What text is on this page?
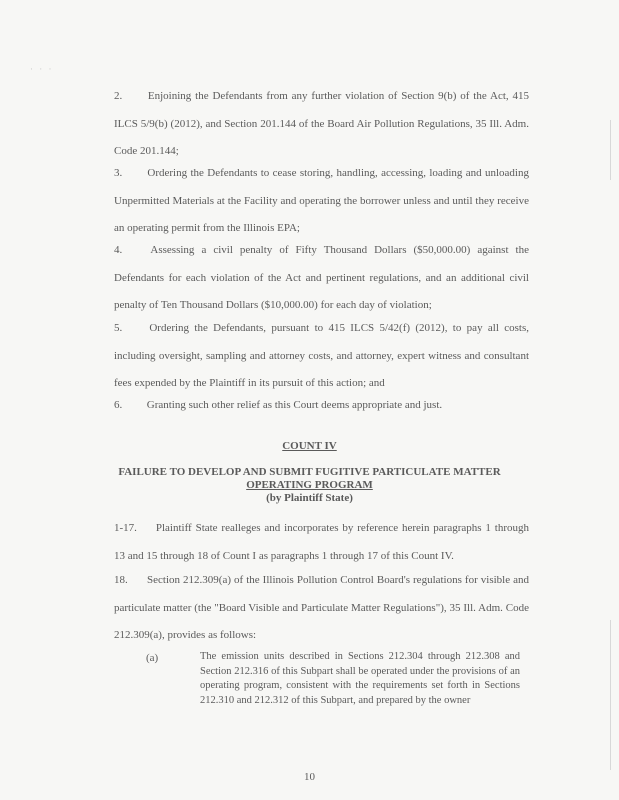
· · ·
2. Enjoining the Defendants from any further violation of Section 9(b) of the Act, 415 ILCS 5/9(b) (2012), and Section 201.144 of the Board Air Pollution Regulations, 35 Ill. Adm. Code 201.144;
3. Ordering the Defendants to cease storing, handling, accessing, loading and unloading Unpermitted Materials at the Facility and operating the borrower unless and until they receive an operating permit from the Illinois EPA;
4.	Assessing a civil penalty of Fifty Thousand Dollars ($50,000.00) against the Defendants for each violation of the Act and pertinent regulations, and an additional civil penalty of Ten Thousand Dollars ($10,000.00) for each day of violation;
5. Ordering the Defendants, pursuant to 415 ILCS 5/42(f) (2012), to pay all costs, including oversight, sampling and attorney costs, and attorney, expert witness and consultant fees expended by the Plaintiff in its pursuit of this action; and
6. Granting such other relief as this Court deems appropriate and just.
COUNT IV
FAILURE TO DEVELOP AND SUBMIT FUGITIVE PARTICULATE MATTER
OPERATING PROGRAM
(by Plaintiff State)
1-17. Plaintiff State realleges and incorporates by reference herein paragraphs 1 through 13 and 15 through 18 of Count I as paragraphs 1 through 17 of this Count IV.
18. Section 212.309(a) of the Illinois Pollution Control Board's regulations for visible and particulate matter (the "Board Visible and Particulate Matter Regulations"), 35 Ill. Adm. Code 212.309(a), provides as follows:
(a)	The emission units described in Sections 212.304 through 212.308 and Section 212.316 of this Subpart shall be operated under the provisions of an operating program, consistent with the requirements set forth in Sections 212.310 and 212.312 of this Subpart, and prepared by the owner
10
